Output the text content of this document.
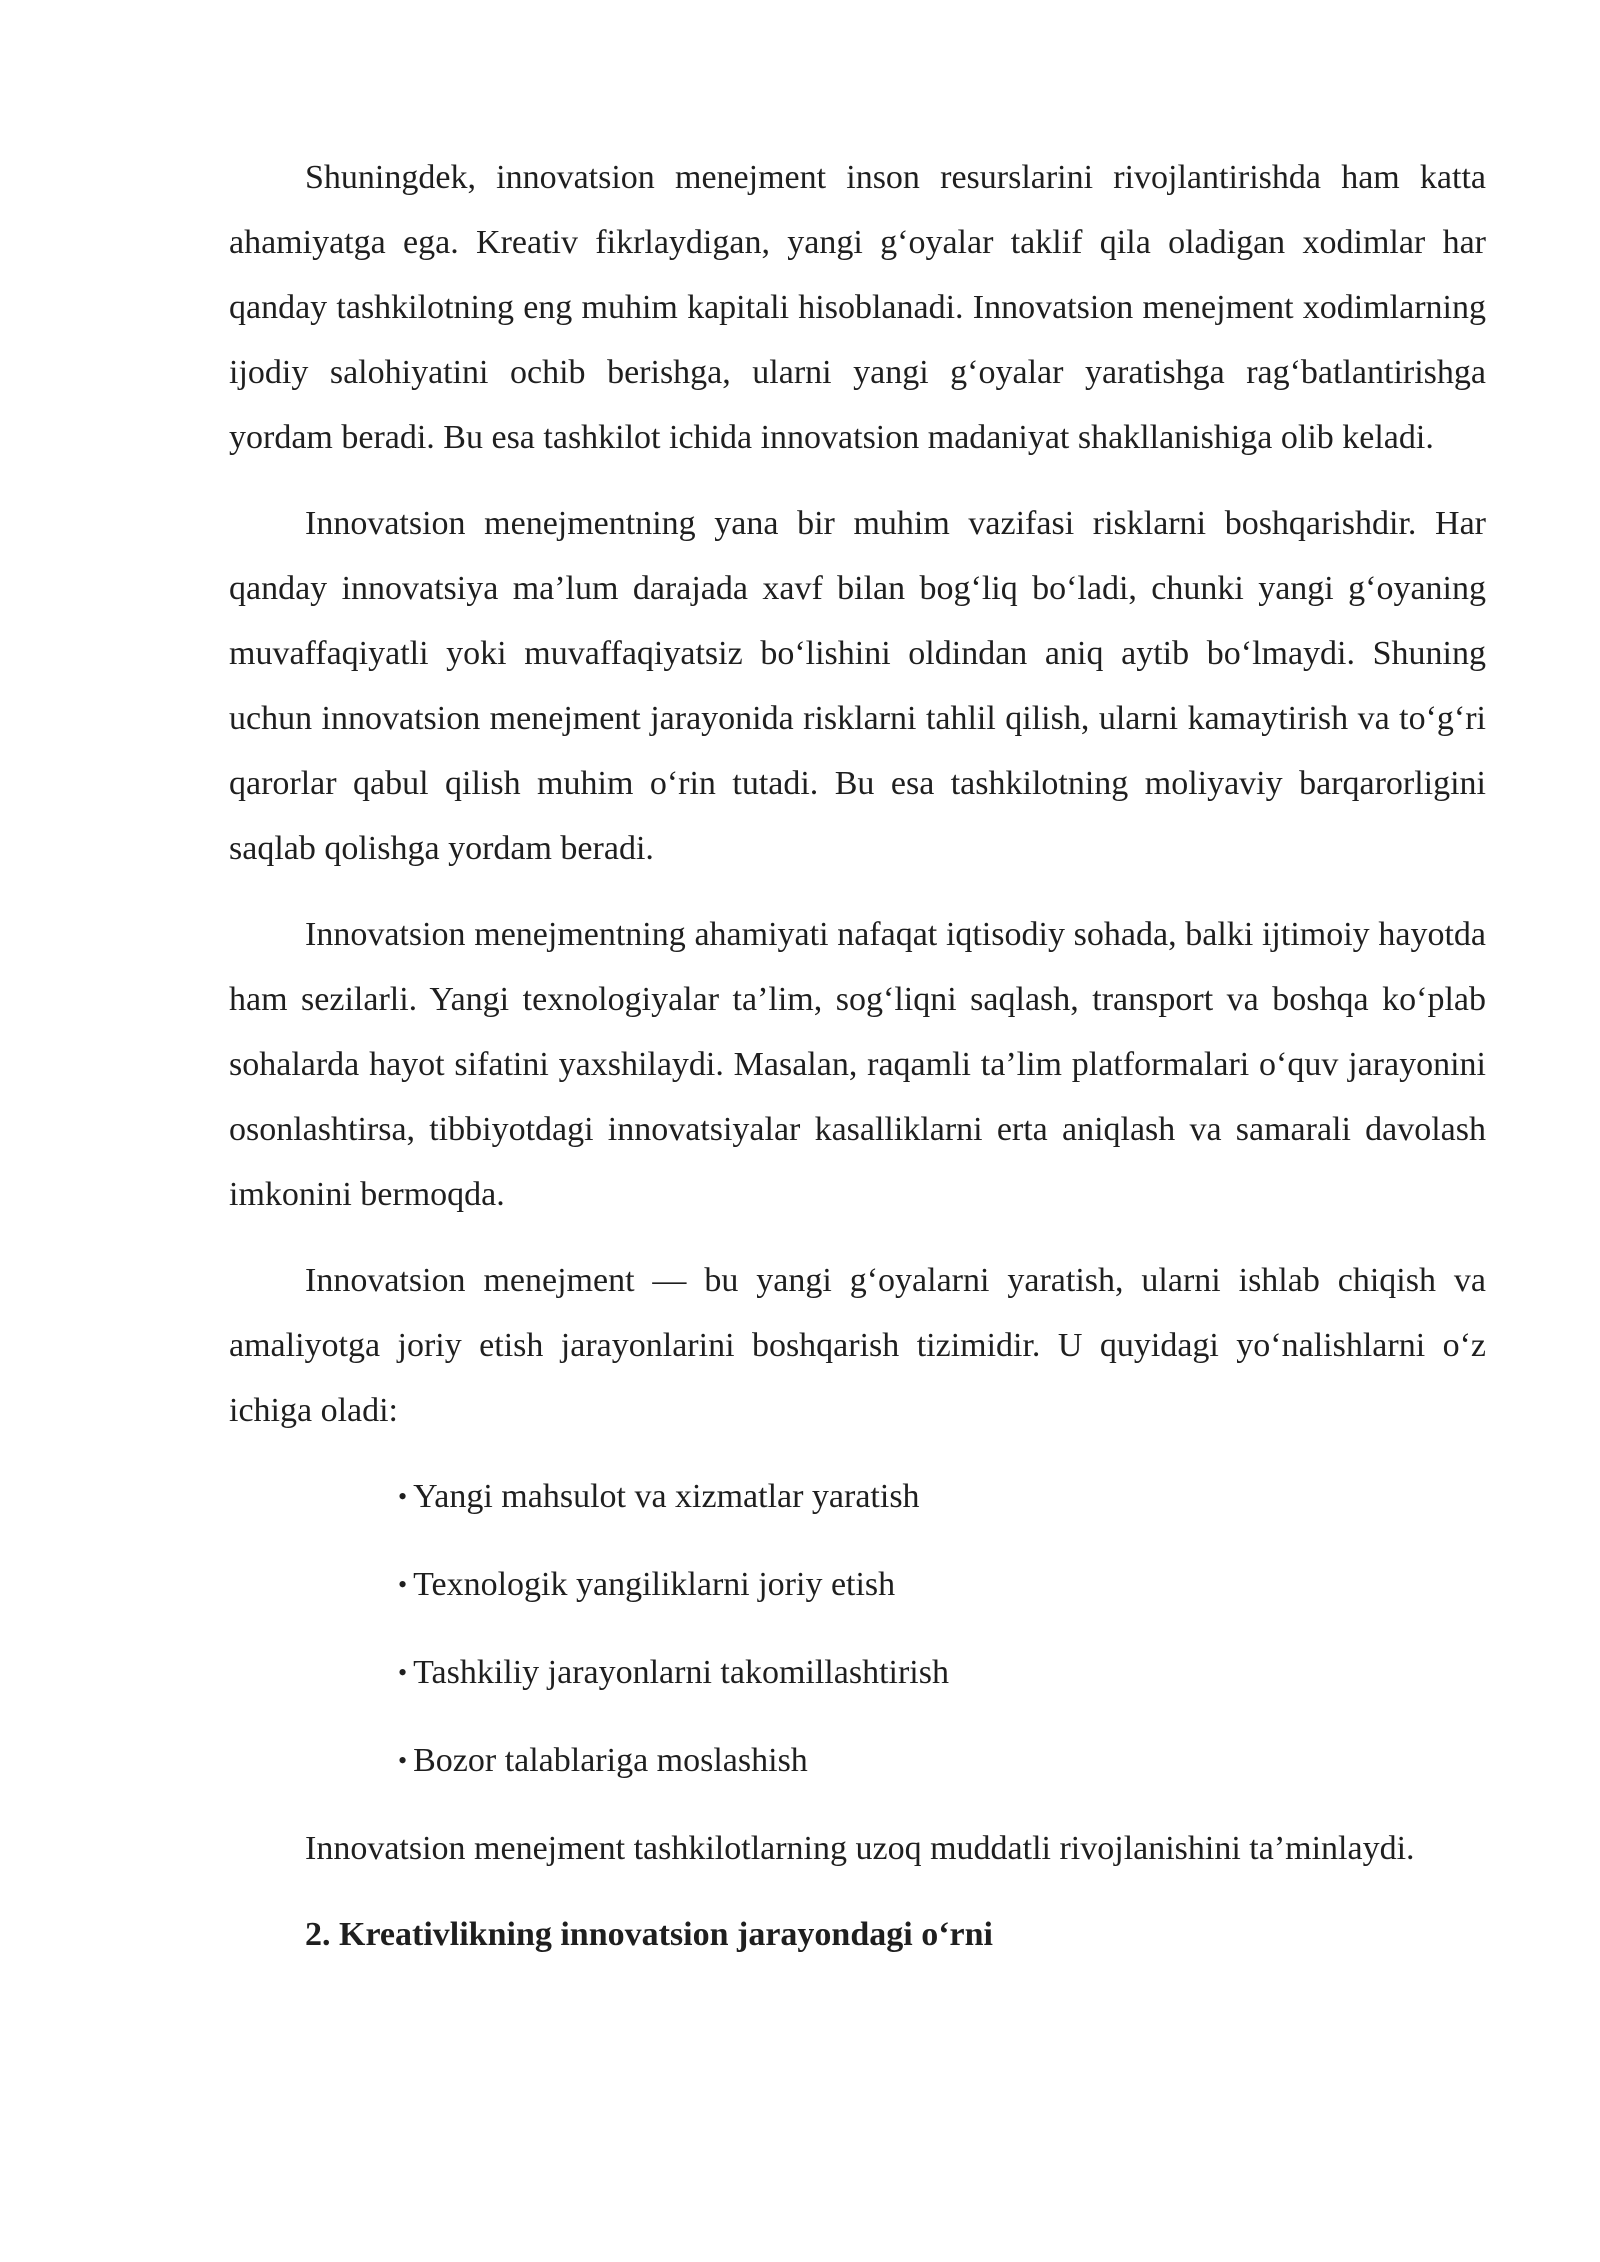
Shuningdek, innovatsion menejment inson resurslarini rivojlantirishda ham katta ahamiyatga ega. Kreativ fikrlaydigan, yangi g‘oyalar taklif qila oladigan xodimlar har qanday tashkilotning eng muhim kapitali hisoblanadi. Innovatsion menejment xodimlarning ijodiy salohiyatini ochib berishga, ularni yangi g‘oyalar yaratishga rag‘batlantirishga yordam beradi. Bu esa tashkilot ichida innovatsion madaniyat shakllanishiga olib keladi.

Innovatsion menejmentning yana bir muhim vazifasi risklarni boshqarishdir. Har qanday innovatsiya ma’lum darajada xavf bilan bog‘liq bo‘ladi, chunki yangi g‘oyaning muvaffaqiyatli yoki muvaffaqiyatsiz bo‘lishini oldindan aniq aytib bo‘lmaydi. Shuning uchun innovatsion menejment jarayonida risklarni tahlil qilish, ularni kamaytirish va to‘g‘ri qarorlar qabul qilish muhim o‘rin tutadi. Bu esa tashkilotning moliyaviy barqarorligini saqlab qolishga yordam beradi.

Innovatsion menejmentning ahamiyati nafaqat iqtisodiy sohada, balki ijtimoiy hayotda ham sezilarli. Yangi texnologiyalar ta’lim, sog‘liqni saqlash, transport va boshqa ko‘plab sohalarda hayot sifatini yaxshilaydi. Masalan, raqamli ta’lim platformalari o‘quv jarayonini osonlashtirsa, tibbiyotdagi innovatsiyalar kasalliklarni erta aniqlash va samarali davolash imkonini bermoqda.

Innovatsion menejment — bu yangi g‘oyalarni yaratish, ularni ishlab chiqish va amaliyotga joriy etish jarayonlarini boshqarish tizimidir. U quyidagi yo‘nalishlarni o‘z ichiga oladi:

• Yangi mahsulot va xizmatlar yaratish
• Texnologik yangiliklarni joriy etish
• Tashkiliy jarayonlarni takomillashtirish
• Bozor talablariga moslashish

Innovatsion menejment tashkilotlarning uzoq muddatli rivojlanishini ta’minlaydi.

2. Kreativlikning innovatsion jarayondagi o‘rni
